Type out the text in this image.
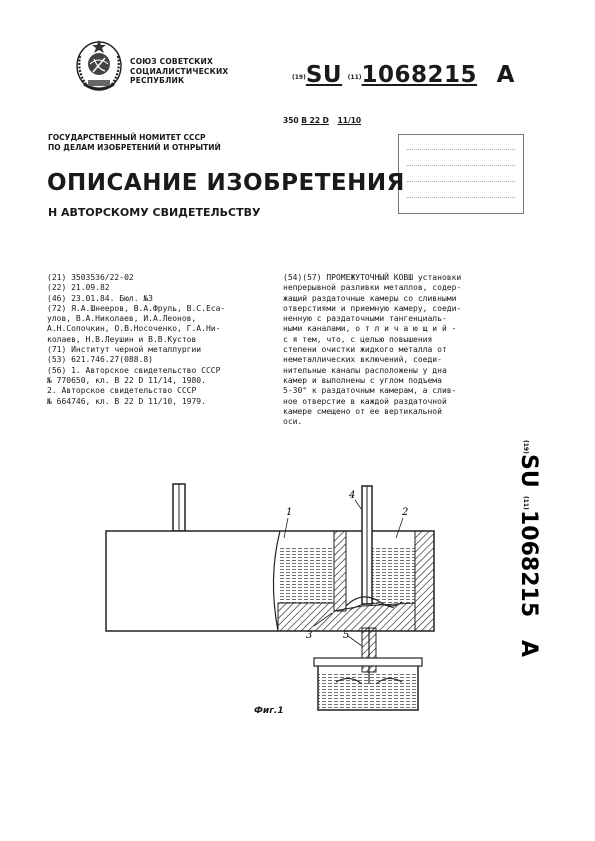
СОЮЗ СОВЕТСКИХ
СОЦИАЛИСТИЧЕСКИХ
РЕСПУБЛИК	(19)SU (11)1068215 A
350 В 22 D 11/10
ГОСУДАРСТВЕННЫЙ НОМИТЕТ СССР
ПО ДЕЛАМ ИЗОБРЕТЕНИЙ И ОТНРЫТИЙ
ОПИСАНИЕ ИЗОБРЕТЕНИЯ
Н АВТОРСКОМУ СВИДЕТЕЛЬСТВУ
(21) 3503536/22-02
(22) 21.09.82
(46) 23.01.84. Бюл. №3
(72) Я.А.Шнееров, В.А.Фруль, В.С.Еса-
улов, В.А.Николаев, И.А.Леонов,
А.Н.Сопочкин, О.В.Носоченко, Г.А.Ни-
колаев, Н.В.Леушин и В.В.Кустов
(71) Институт черной металлургии
(53) 621.746.27(088.8)
(56) 1. Авторское свидетельство СССР
№ 770650, кл. В 22 D 11/14, 1980.
2. Авторское свидетельство СССР
№ 664746, кл. В 22 D 11/10, 1979.
(54)(57) ПРОМЕЖУТОЧНЫЙ КОВШ установки
непрерывной разливки металлов, содер-
жащий раздаточные камеры со сливными
отверстиями и приемную камеру, соеди-
ненную с раздаточными тангенциаль-
ными каналами, о т л и ч а ю щ и й -
с я тем, что, с целью повышения
степени очистки жидкого металла от
неметаллических включений, соеди-
нительные каналы расположены у дна
камер и выполнены с углом подъема
5-30° к раздаточным камерам, а слив-
ное отверстие в каждой раздаточной
камере смещено от ее вертикальной
оси.
(19)
SU
(11)
1068215
A
1	2
3
4
5
Фиг.1
